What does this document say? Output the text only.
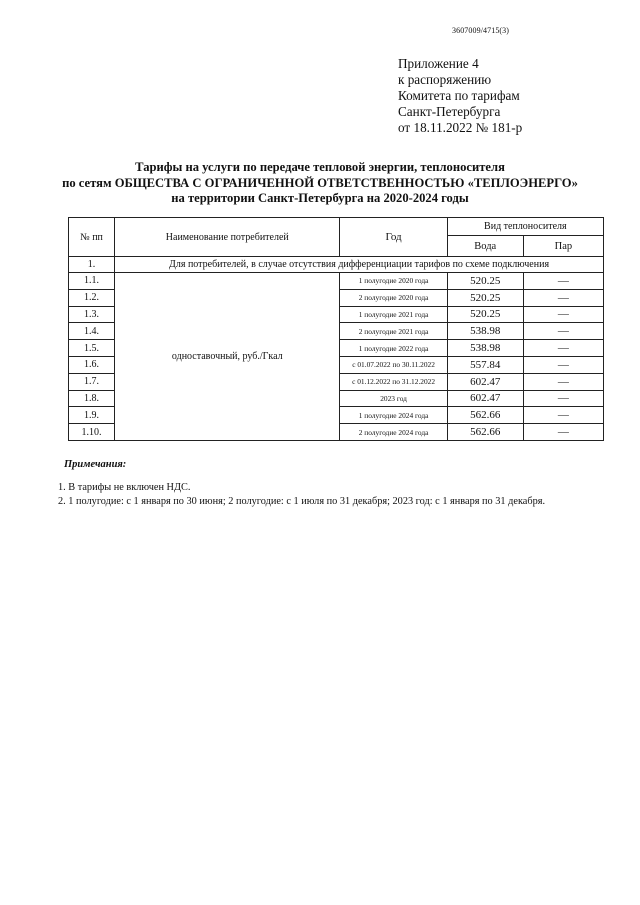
3607009/4715(3)
Приложение 4
к распоряжению
Комитета по тарифам
Санкт-Петербурга
от 18.11.2022 № 181-р
Тарифы на услуги по передаче тепловой энергии, теплоносителя
по сетям ОБЩЕСТВА С ОГРАНИЧЕННОЙ ОТВЕТСТВЕННОСТЬЮ «ТЕПЛОЭНЕРГО»
на территории Санкт-Петербурга на 2020-2024 годы
№ пп	Наименование потребителей	Год	Вид теплоносителя	
			Вода	Пар
1.	Для потребителей, в случае отсутствия дифференциации тарифов по схеме подключения			
1.1.	одноставочный, руб./Гкал	1 полугодие 2020 года	520.25	—
1.2.		2 полугодие 2020 года	520.25	—
1.3.		1 полугодие 2021 года	520.25	—
1.4.		2 полугодие 2021 года	538.98	—
1.5.		1 полугодие 2022 года	538.98	—
1.6.		с 01.07.2022 по 30.11.2022	557.84	—
1.7.		с 01.12.2022 по 31.12.2022	602.47	—
1.8.		2023 год	602.47	—
1.9.		1 полугодие 2024 года	562.66	—
1.10.		2 полугодие 2024 года	562.66	—
Примечания:
1. В тарифы не включен НДС.
2. 1 полугодие: с 1 января по 30 июня; 2 полугодие: с 1 июля по 31 декабря; 2023 год: с 1 января по 31 декабря.
